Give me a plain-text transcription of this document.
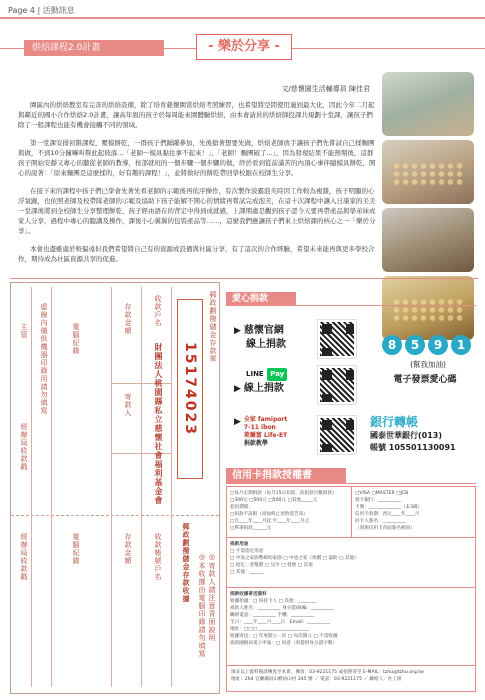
Page 4 | 活動訊息
烘焙課程2.0計畫	- 樂於分享 -
文/慈懷園生活輔導員 陳佳君

園區內的烘焙教室有完善的烘焙設備，除了培育慈懷園當烘焙考照練習，也希望將空間使用連到最大化，因此今年二月起與鄰近的國小合作烘焙2.0計畫，讓高年級的孩子於每周能來園體驗烘焙，由本會請員的烘焙師投課共規劃十堂課，讓孩子們除了一般課程也能有機會接觸不同的領域。

第一堂課安排初階課程，壓模餅乾，一群孩子們踴躍參加，先後搶著想要先做，烘焙老師放手讓孩子們先嘗試自己揉麵團與做，不到10分鐘嘛叫聲此起彼落...「老師～模具黏住拿不起來！」、「老師！麵團破了...」，因為發現結果不能預期後，這群孩子開始安靜又專心的聽從老師的教導，按部就班的一個步驟一個步驟的做，終於看到從前滿苦的內頂心事伴隨模具餅乾，開心的說著：「原來麵團是這麼揉的，好有趣的課程！」，並將做好的餅乾帶回學校跟在校師生分享。

在接下來的課程中孩子們已學會先著先看老師的示範後再依序操作，有次製作波霸泡芙時因工作較為複雜，孩子明顯的心浮氣躁，也依照老師及校帶隊老師的示範及協助下孩子能解不開心的情緒再嘗試完成泡芙，在這十次課程中讓入日康家的美美一堂課後將到全校師生分享整理餅乾，孩子經由語在的背定中得到成就感，上課期處是觀到孩子認今天要再帶產品與學弟妹或家人分享，過程中專心的聽講及操作，課後小心翼翼的包裝產品等……，這麼我們應讓孩子們來上烘焙課的核心之一「樂於分享」。

本會也盡雖處於較偏遠但我們希望將自己有的資源或設備與社區分享，有了這次的合作經驗，希望未來能再與更多學校合作，期待成為社區資源共享的促進。

15174023
郵政劃撥儲金存款單
財團法人桃園縣私立慈懷社會福利基金會
收款戶名
經辦局收款戳
虛線內備供機器印錄用請勿填寫	寄款人
主管	電腦紀錄
存款金額
◎寄款人請注意背面說明
◎本收據由電腦印錄請勿填寫
郵政劃撥儲金存款收據
收款帳號戶名
存款金額
電腦紀錄
經辦局收款戳
愛心捐款
▶ 慈懷官網
線上捐款
LINE Pay
▶ 線上捐款
▶ 全家 famiport
7-11 ibon
萊爾富 Life-ET
捐款教學
8	5	9	1
(幫我加油)
電子發票愛心碼
銀行轉帳
國泰世華銀行(013)
帳號 105501130091
信用卡捐款授權書
□每月定期捐款（每月15日扣款，依捐款月數捐款）
□300元 □500元 □500元 □其他_____元
起扣期間：
□捐款不設限（同如終止須致電告知）
□自____年____月起 至____年____月止
□單筆捐款______元
□VISA □MASTER □JCB
發卡銀行：__________
卡號：______________（末3碼）
信用卡效期：西元____年____月
持卡人簽名：__________
（須與信用卡背面簽名相同）
捐款用途
□ 不需指定用途
□ 中途之家弱勢婦幼家園 □ 中途之家（捐贈 □ 協助 □ 其他）
□ 指定：慈懷園 □ 兒少 □ 發展 □ 其他
□ 其他：______
捐款收據寄送資料
收據抬頭：□ 同持卡人 □ 其他：________
捐款人姓名：__________ 身分證/統編：__________
聯絡電話：__________ 手機：__________
生日：____年____月____日　Email：__________
地址：□□□ ______________________
收據寄送：□ 年度開立一次 □ 每次開立 □ 不需收據
捐款國稅局電子申報：□ 同意（須提供身分證字號）
填妥以上資料後請傳真至本會，傳真：03-9221175 或拍照寄至 E-MAIL：tzhu@tzhu.org.tw
地址：264 宜蘭縣員山鄉員山村 245 號 ／ 電話：03-9221175 ／ 聯絡人：社工組
